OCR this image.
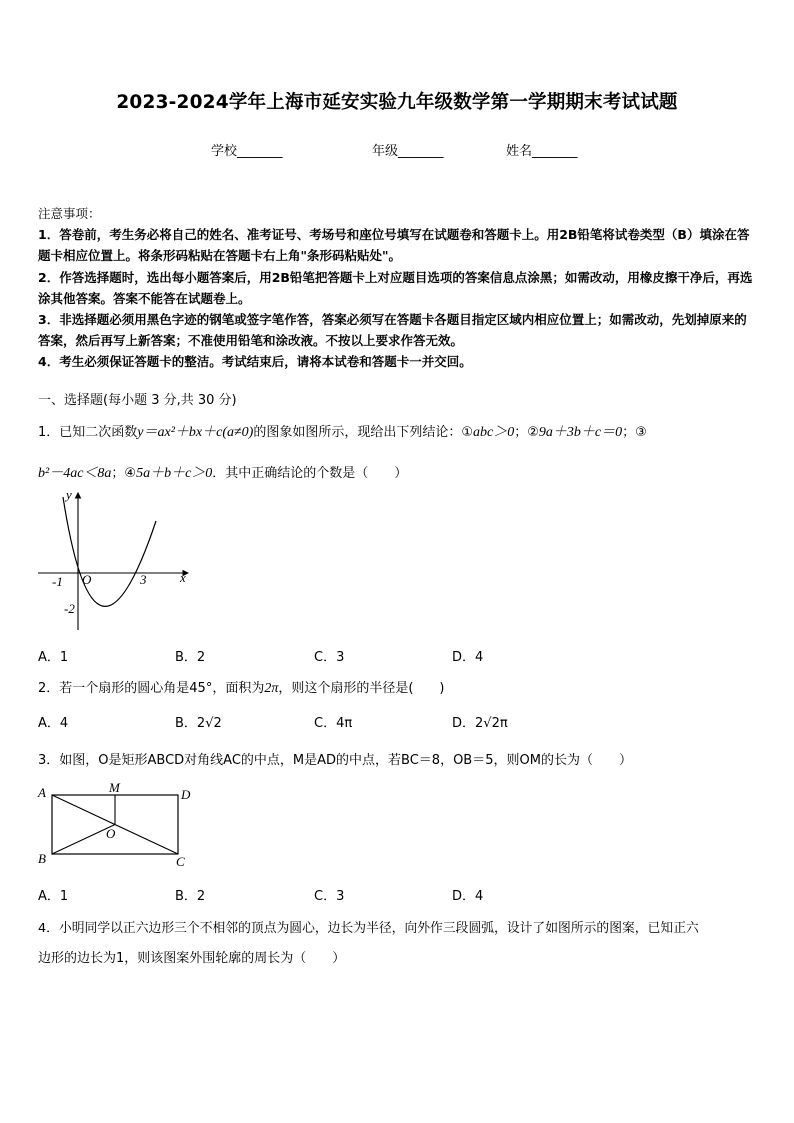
2023-2024学年上海市延安实验九年级数学第一学期期末考试试题
学校_______	年级_______	姓名_______
注意事项：
1．答卷前，考生务必将自己的姓名、准考证号、考场号和座位号填写在试题卷和答题卡上。用2B铅笔将试卷类型（B）填涂在答题卡相应位置上。将条形码粘贴在答题卡右上角"条形码粘贴处"。
2．作答选择题时，选出每小题答案后，用2B铅笔把答题卡上对应题目选项的答案信息点涂黑；如需改动，用橡皮擦干净后，再选涂其他答案。答案不能答在试题卷上。
3．非选择题必须用黑色字迹的钢笔或签字笔作答，答案必须写在答题卡各题目指定区域内相应位置上；如需改动，先划掉原来的答案，然后再写上新答案；不准使用铅笔和涂改液。不按以上要求作答无效。
4．考生必须保证答题卡的整洁。考试结束后，请将本试卷和答题卡一并交回。
一、选择题(每小题 3 分,共 30 分)
1．已知二次函数y＝ax²＋bx＋c(a≠0)的图象如图所示，现给出下列结论：①abc＞0；②9a＋3b＋c＝0；③
b²－4ac＜8a；④5a＋b＋c＞0．其中正确结论的个数是（　　）
y
x
O
-1	3
-2
A．1	B．2	C．3	D．4
2．若一个扇形的圆心角是45°，面积为2π，则这个扇形的半径是(　　)
A．4	B．2√2	C．4π	D．2√2π
3．如图，O是矩形ABCD对角线AC的中点，M是AD的中点，若BC＝8，OB＝5，则OM的长为（　　）
A	M	D
O
B	C
A．1	B．2	C．3	D．4
4．小明同学以正六边形三个不相邻的顶点为圆心，边长为半径，向外作三段圆弧，设计了如图所示的图案，已知正六
边形的边长为1，则该图案外围轮廓的周长为（　　）
